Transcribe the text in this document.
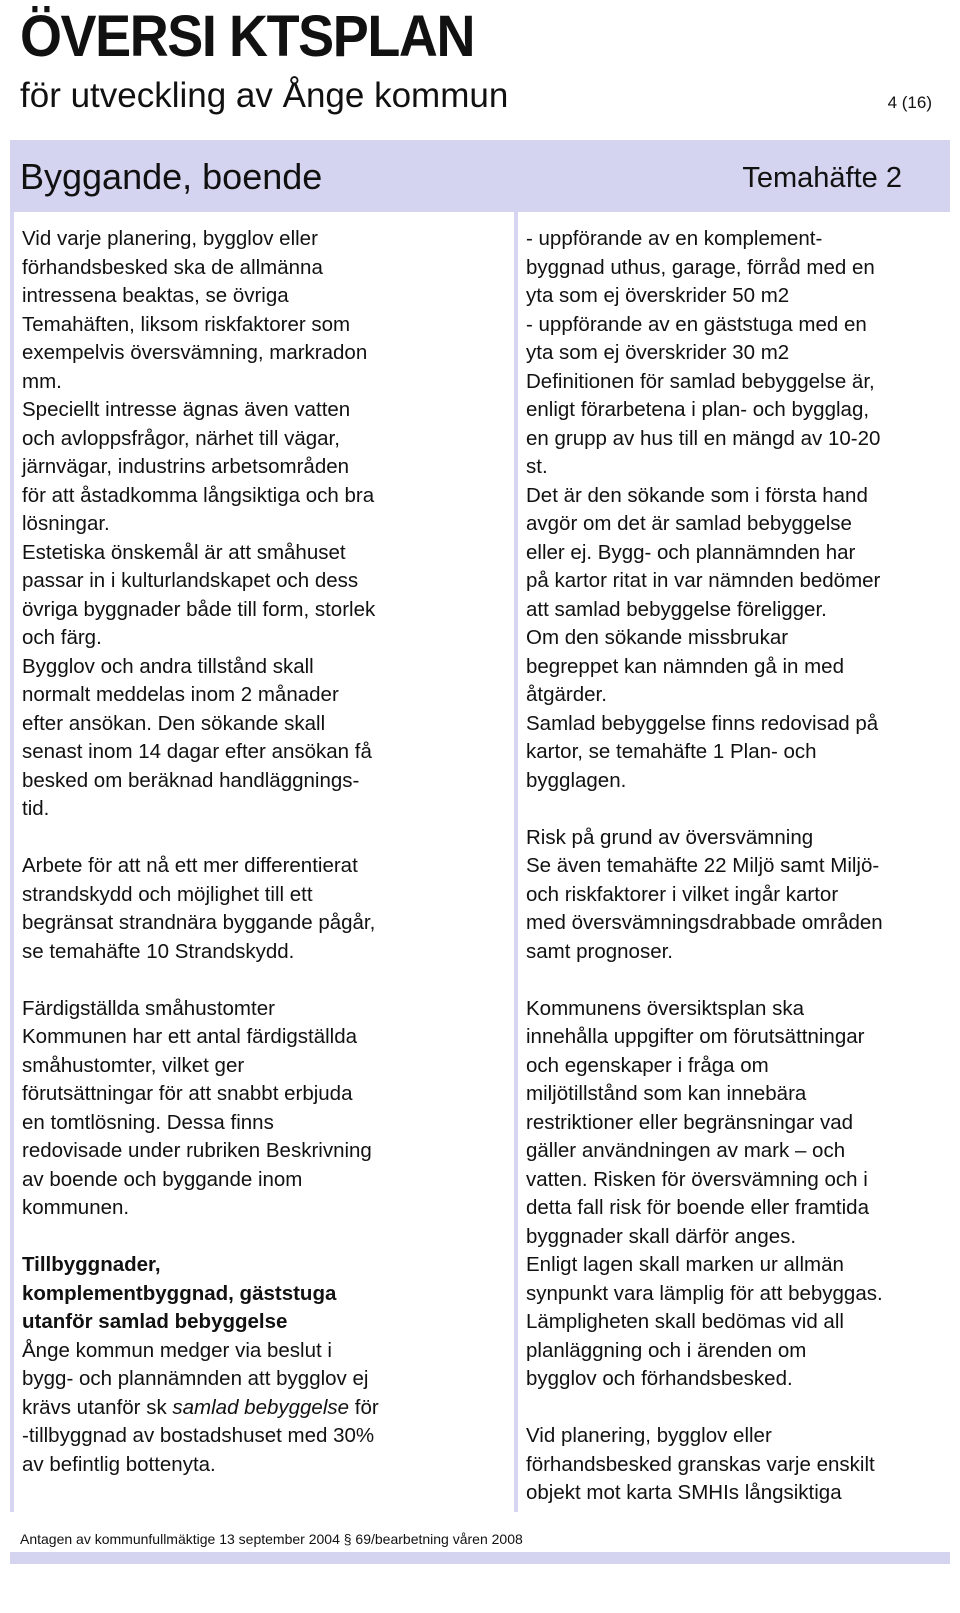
ÖVERSI KTSPLAN
för utveckling av Ånge kommun	4 (16)
Byggande, boende	Temahäfte 2

Vid varje planering, bygglov eller
förhandsbesked ska de allmänna
intressena beaktas, se övriga
Temahäften, liksom riskfaktorer som
exempelvis översvämning, markradon
mm.
Speciellt intresse ägnas även vatten
och avloppsfrågor, närhet till vägar,
järnvägar, industrins arbetsområden
för att åstadkomma långsiktiga och bra
lösningar.
Estetiska önskemål är att småhuset
passar in i kulturlandskapet och dess
övriga byggnader både till form, storlek
och färg.
Bygglov och andra tillstånd skall
normalt meddelas inom 2 månader
efter ansökan. Den sökande skall
senast inom 14 dagar efter ansökan få
besked om beräknad handläggnings-
tid.

Arbete för att nå ett mer differentierat
strandskydd och möjlighet till ett
begränsat strandnära byggande pågår,
se temahäfte 10 Strandskydd.

Färdigställda småhustomter
Kommunen har ett antal färdigställda
småhustomter, vilket ger
förutsättningar för att snabbt erbjuda
en tomtlösning. Dessa finns
redovisade under rubriken Beskrivning
av boende och byggande inom
kommunen.

Tillbyggnader,
komplementbyggnad, gäststuga
utanför samlad bebyggelse
Ånge kommun medger via beslut i
bygg- och plannämnden att bygglov ej
krävs utanför sk samlad bebyggelse för
-tillbyggnad av bostadshuset med 30%
av befintlig bottenyta.

- uppförande av en komplement-
byggnad uthus, garage, förråd med en
yta som ej överskrider 50 m2
- uppförande av en gäststuga med en
yta som ej överskrider 30 m2
Definitionen för samlad bebyggelse är,
enligt förarbetena i plan- och bygglag,
en grupp av hus till en mängd av 10-20
st.
Det är den sökande som i första hand
avgör om det är samlad bebyggelse
eller ej. Bygg- och plannämnden har
på kartor ritat in var nämnden bedömer
att samlad bebyggelse föreligger.
Om den sökande missbrukar
begreppet kan nämnden gå in med
åtgärder.
Samlad bebyggelse finns redovisad på
kartor, se temahäfte 1 Plan- och
bygglagen.

Risk på grund av översvämning
Se även temahäfte 22 Miljö samt Miljö-
och riskfaktorer i vilket ingår kartor
med översvämningsdrabbade områden
samt prognoser.

Kommunens översiktsplan ska
innehålla uppgifter om förutsättningar
och egenskaper i fråga om
miljötillstånd som kan innebära
restriktioner eller begränsningar vad
gäller användningen av mark – och
vatten. Risken för översvämning och i
detta fall risk för boende eller framtida
byggnader skall därför anges.
Enligt lagen skall marken ur allmän
synpunkt vara lämplig för att bebyggas.
Lämpligheten skall bedömas vid all
planläggning och i ärenden om
bygglov och förhandsbesked.

Vid planering, bygglov eller
förhandsbesked granskas varje enskilt
objekt mot karta SMHIs långsiktiga

Antagen av kommunfullmäktige 13 september 2004 § 69/bearbetning våren 2008
